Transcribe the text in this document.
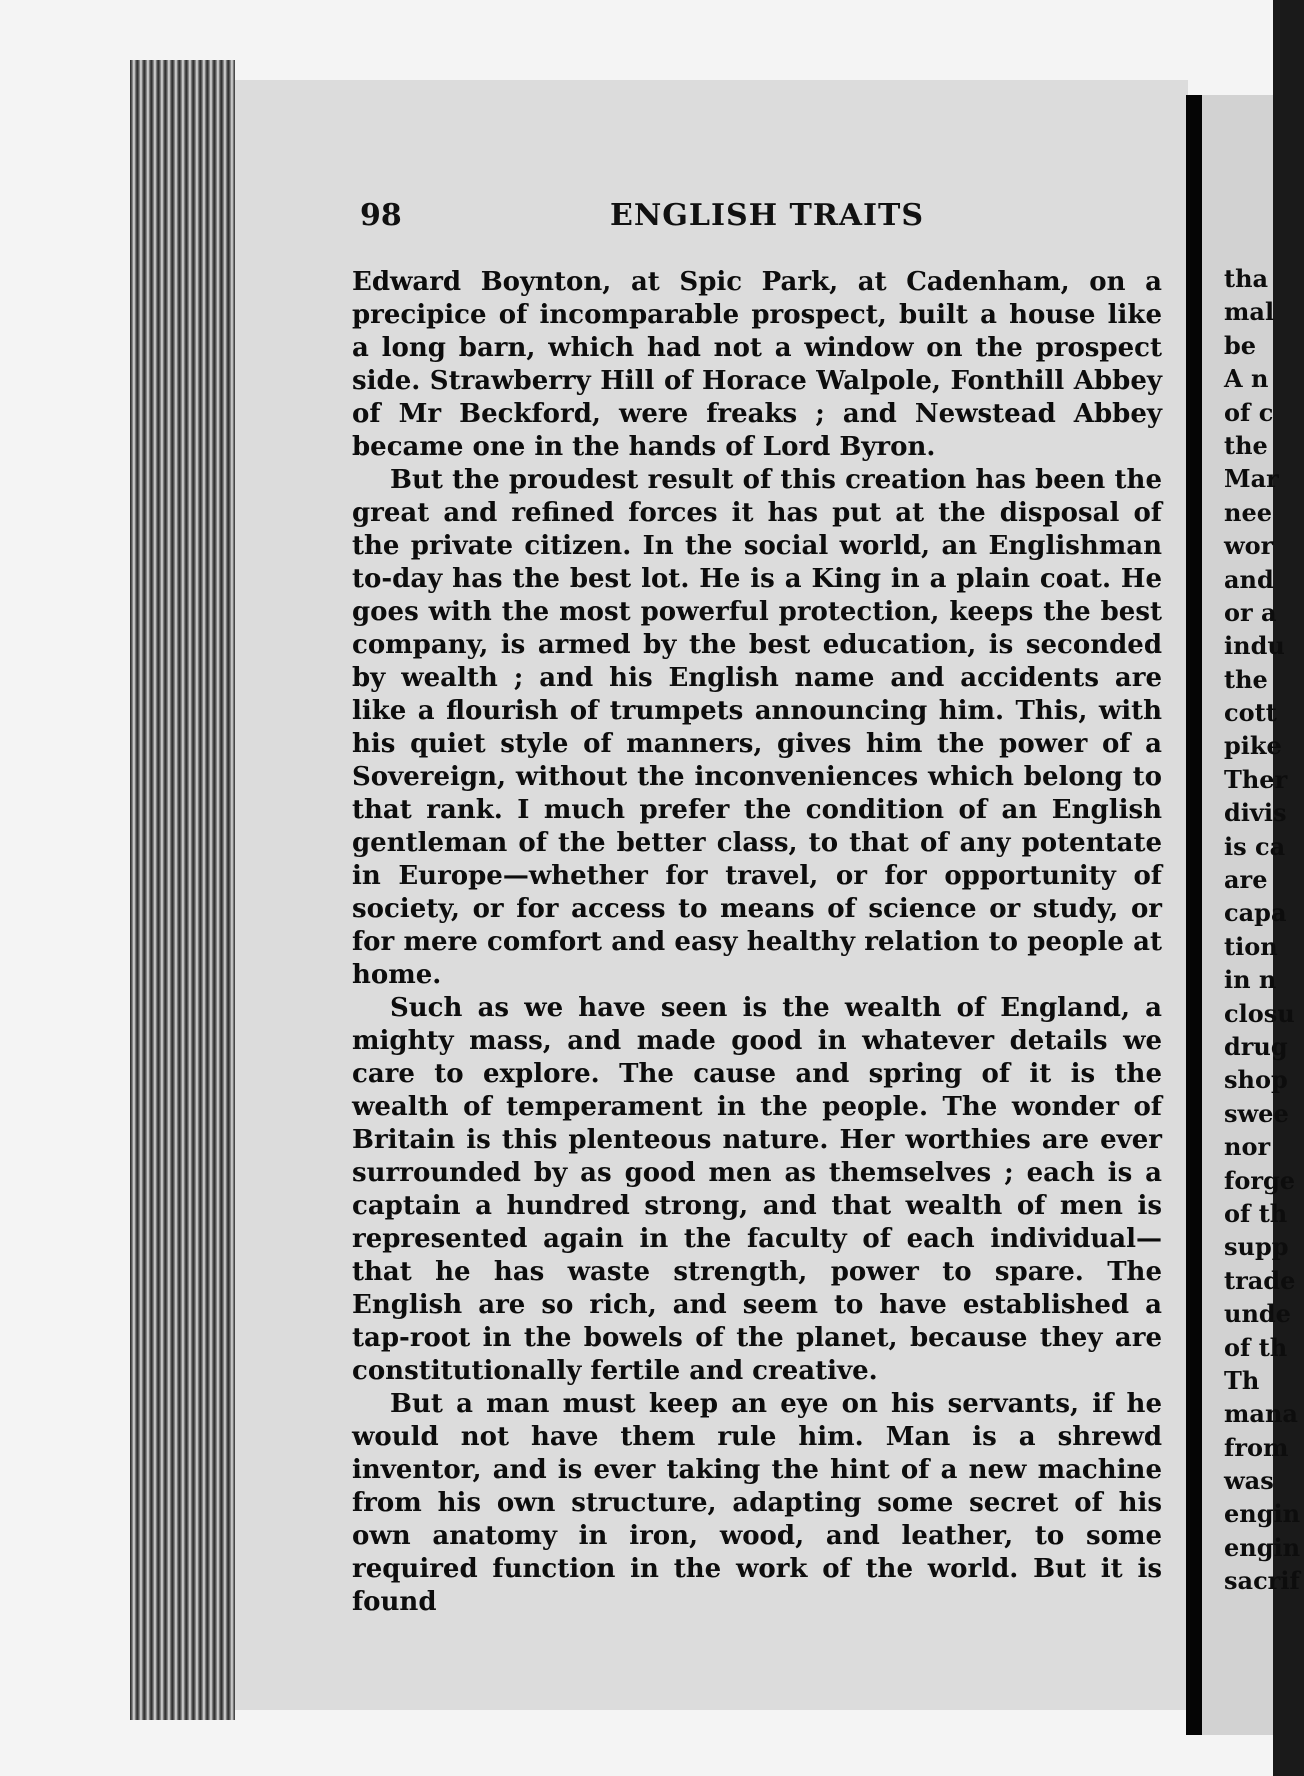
98	ENGLISH TRAITS

Edward Boynton, at Spic Park, at Cadenham, on a precipice of incomparable prospect, built a house like a long barn, which had not a window on the prospect side. Strawberry Hill of Horace Walpole, Fonthill Abbey of Mr Beckford, were freaks ; and Newstead Abbey became one in the hands of Lord Byron.

But the proudest result of this creation has been the great and refined forces it has put at the disposal of the private citizen. In the social world, an Englishman to-day has the best lot. He is a King in a plain coat. He goes with the most powerful protection, keeps the best company, is armed by the best education, is seconded by wealth ; and his English name and accidents are like a flourish of trumpets announcing him. This, with his quiet style of manners, gives him the power of a Sovereign, without the inconveniences which belong to that rank. I much prefer the condition of an English gentleman of the better class, to that of any potentate in Europe—whether for travel, or for opportunity of society, or for access to means of science or study, or for mere comfort and easy healthy relation to people at home.

Such as we have seen is the wealth of England, a mighty mass, and made good in whatever details we care to explore. The cause and spring of it is the wealth of temperament in the people. The wonder of Britain is this plenteous nature. Her worthies are ever surrounded by as good men as themselves ; each is a captain a hundred strong, and that wealth of men is represented again in the faculty of each individual—that he has waste strength, power to spare. The English are so rich, and seem to have established a tap-root in the bowels of the planet, because they are constitutionally fertile and creative.

But a man must keep an eye on his servants, if he would not have them rule him. Man is a shrewd inventor, and is ever taking the hint of a new machine from his own structure, adapting some secret of his own anatomy in iron, wood, and leather, to some required function in the work of the world. But it is found

tha
mal
be
A n
of c
the
Mar
nee
wor
and
or a
indu
the
cott
pike
Ther
divis
is ca
are
capa
tion
in n
closu
drug
shop
swee
nor
forge
of th
supp
trade
unde
of th
Th
mana
from
was
engin
engin
sacrif
